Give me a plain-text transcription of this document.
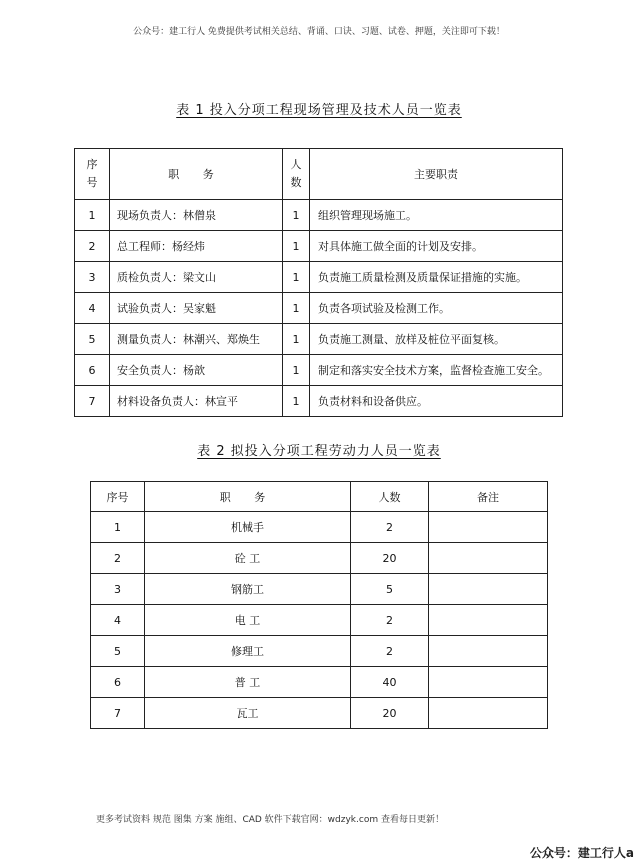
公众号：建工行人 免费提供考试相关总结、背诵、口诀、习题、试卷、押题，关注即可下载！
表 1 投入分项工程现场管理及技术人员一览表
序号	职 务	人数	主要职责
1	现场负责人：林僧泉	1	组织管理现场施工。
2	总工程师：杨经炜	1	对具体施工做全面的计划及安排。
3	质检负责人：梁文山	1	负责施工质量检测及质量保证措施的实施。
4	试验负责人：吴家魁	1	负责各项试验及检测工作。
5	测量负责人：林潮兴、郑焕生	1	负责施工测量、放样及桩位平面复核。
6	安全负责人：杨歆	1	制定和落实安全技术方案，监督检查施工安全。
7	材料设备负责人：林宣平	1	负责材料和设备供应。
表 2 拟投入分项工程劳动力人员一览表
序号	职 务	人数	备注
1	机械手	2	
2	砼 工	20	
3	钢筋工	5	
4	电 工	2	
5	修理工	2	
6	普 工	40	
7	瓦工	20	
更多考试资料 规范 图集 方案 施组、CAD 软件下载官网：wdzyk.com 查看每日更新！
公众号：建工行人a
